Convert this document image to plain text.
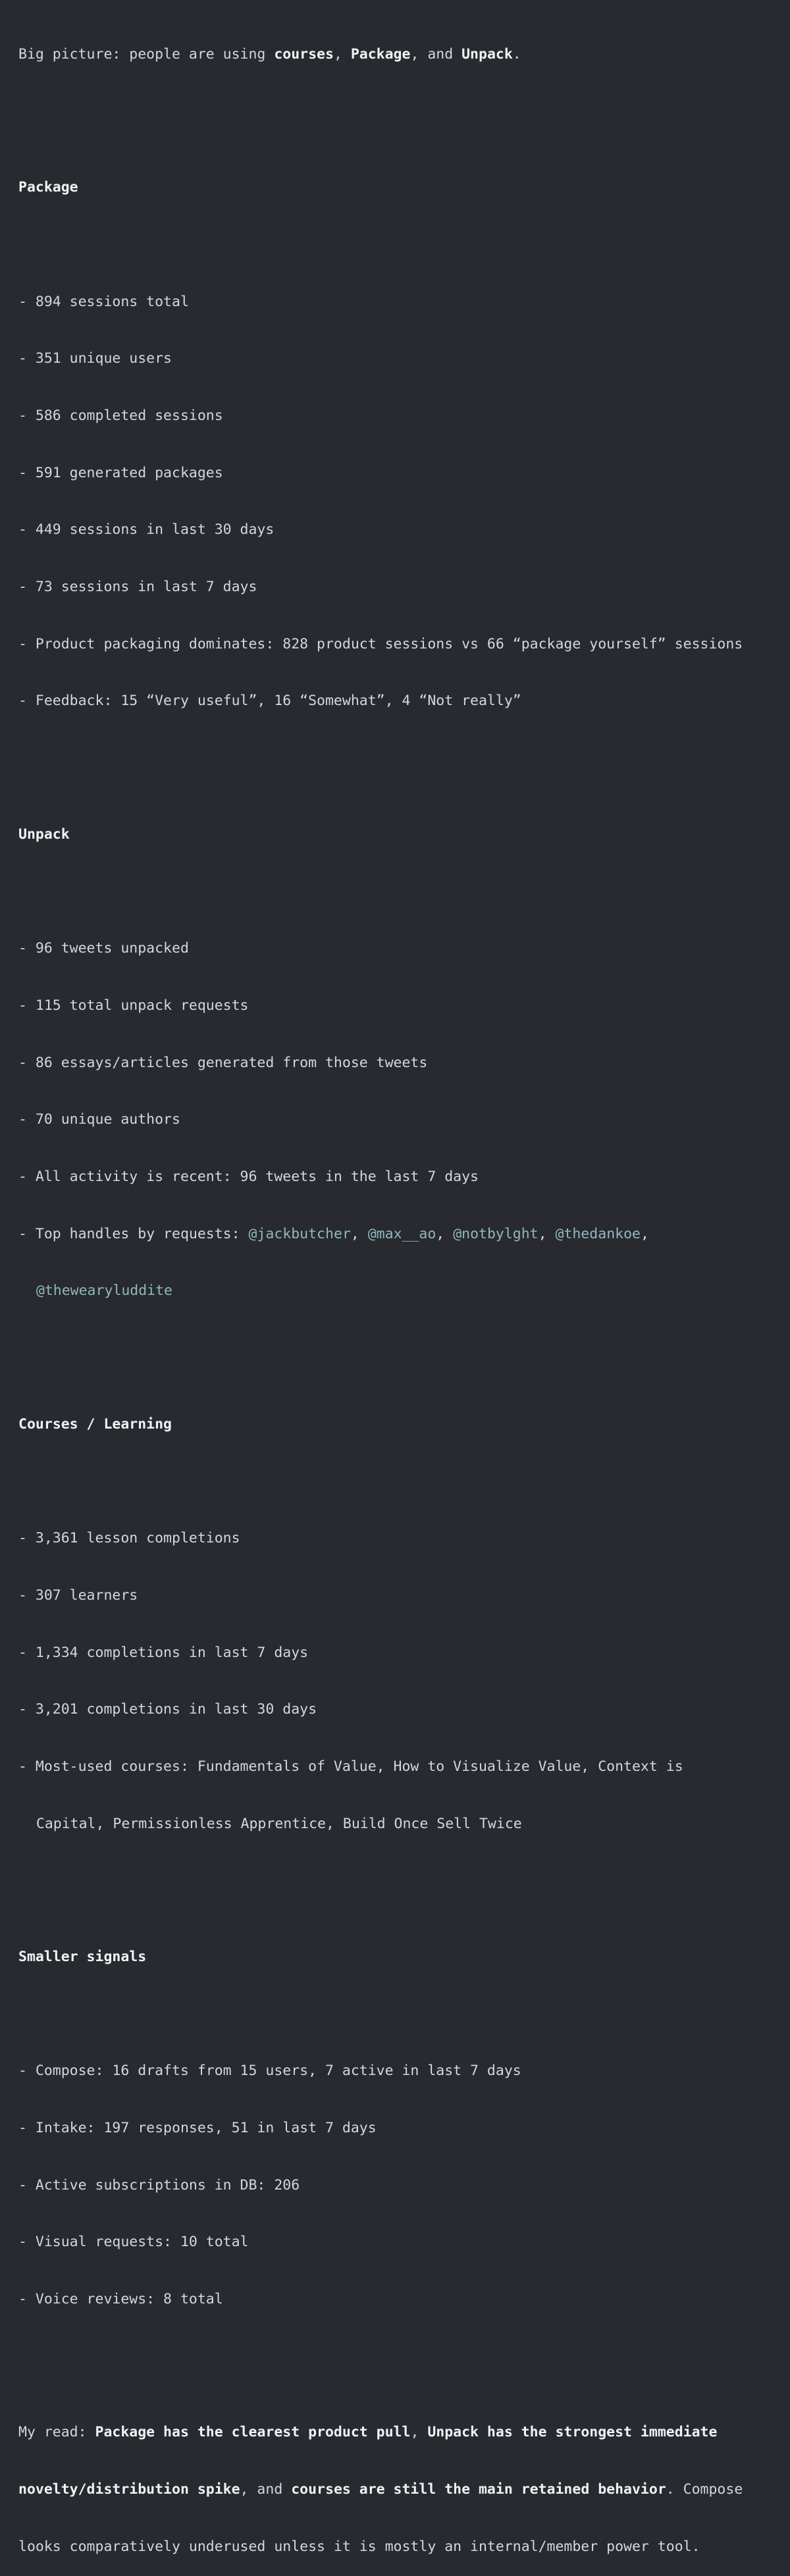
Big picture: people are using courses, Package, and Unpack.

Package

- 894 sessions total

- 351 unique users

- 586 completed sessions

- 591 generated packages

- 449 sessions in last 30 days

- 73 sessions in last 7 days

- Product packaging dominates: 828 product sessions vs 66 “package yourself” sessions

- Feedback: 15 “Very useful”, 16 “Somewhat”, 4 “Not really”

Unpack

- 96 tweets unpacked

- 115 total unpack requests

- 86 essays/articles generated from those tweets

- 70 unique authors

- All activity is recent: 96 tweets in the last 7 days

- Top handles by requests: @jackbutcher, @max__ao, @notbylght, @thedankoe,

@thewearyluddite

Courses / Learning

- 3,361 lesson completions

- 307 learners

- 1,334 completions in last 7 days

- 3,201 completions in last 30 days

- Most-used courses: Fundamentals of Value, How to Visualize Value, Context is

Capital, Permissionless Apprentice, Build Once Sell Twice

Smaller signals

- Compose: 16 drafts from 15 users, 7 active in last 7 days

- Intake: 197 responses, 51 in last 7 days

- Active subscriptions in DB: 206

- Visual requests: 10 total

- Voice reviews: 8 total

My read: Package has the clearest product pull, Unpack has the strongest immediate

novelty/distribution spike, and courses are still the main retained behavior. Compose

looks comparatively underused unless it is mostly an internal/member power tool.
